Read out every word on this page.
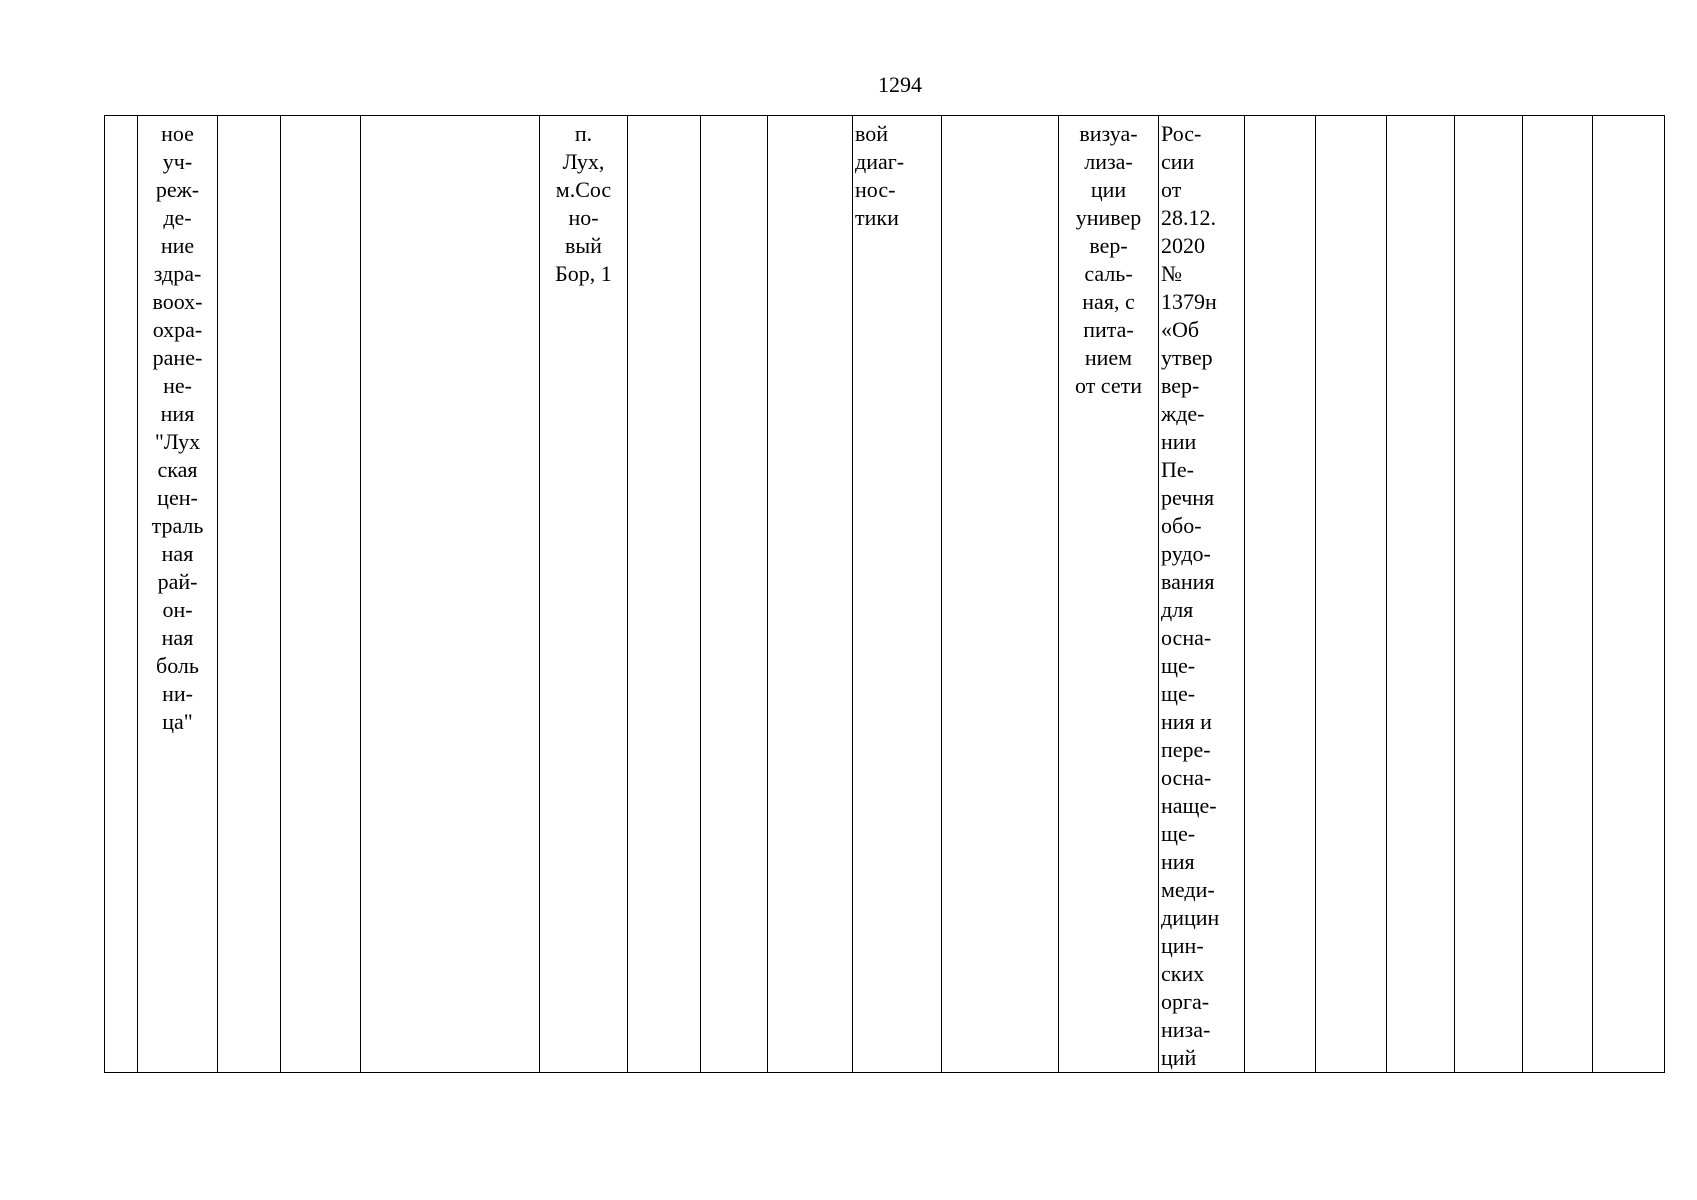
1294
	ное
уч-
реж-
де-
ние
здра-
воох-
охра-
ране-
не-
ния
"Лух
ская
цен-
траль
ная
рай-
он-
ная
боль
ни-
ца"				п.
Лух,
м.Сос
но-
вый
Бор, 1				вой
диаг-
нос-
тики		визуа-
лиза-
ции
универ
вер-
саль-
ная, с
пита-
нием
от сети	Рос-
сии
от
28.12.
2020
№
1379н
«Об
утвер
вер-
жде-
нии
Пе-
речня
обо-
рудо-
вания
для
осна-
ще-
ще-
ния и
пере-
осна-
наще-
ще-
ния
меди-
дицин
цин-
ских
орга-
низа-
ций						
